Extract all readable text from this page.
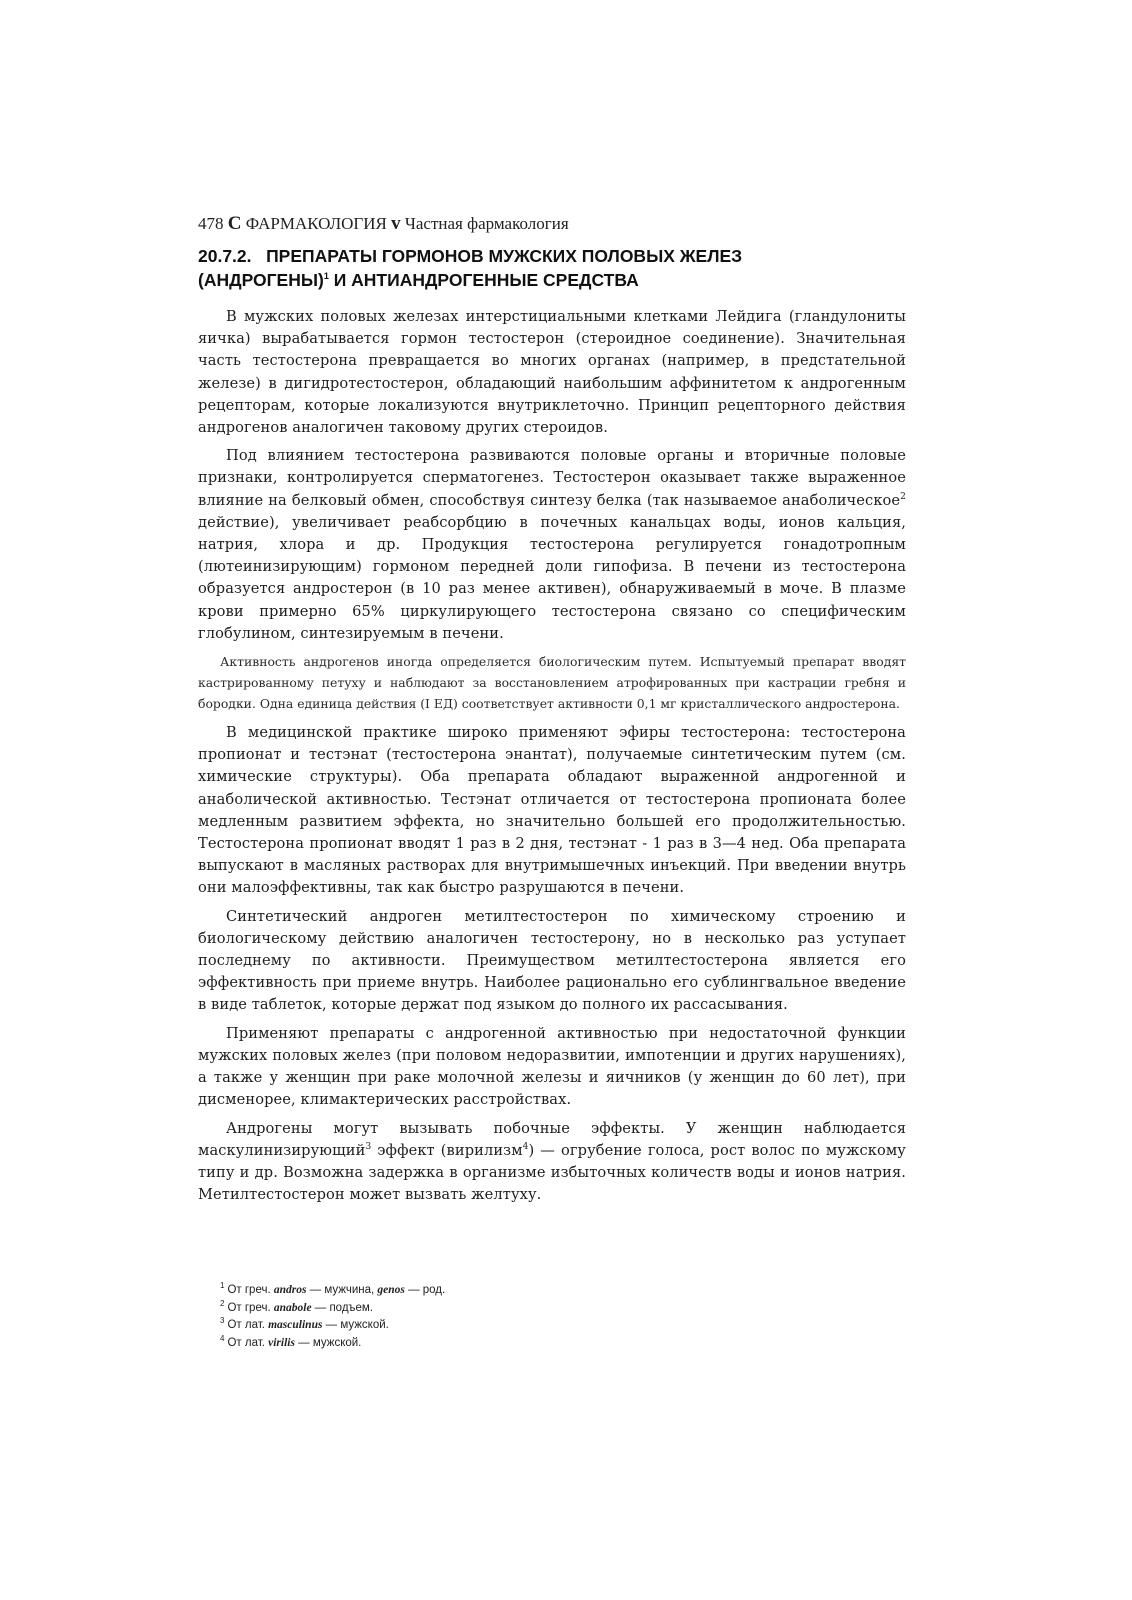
478 C ФАРМАКОЛОГИЯ v Частная фармакология
20.7.2.   ПРЕПАРАТЫ ГОРМОНОВ МУЖСКИХ ПОЛОВЫХ ЖЕЛЕЗ
(АНДРОГЕНЫ)$^1$ И АНТИАНДРОГЕННЫЕ СРЕДСТВА

В мужских половых железах интерстициальными клетками Лейдига (гландулониты яичка) вырабатывается гормон тестостерон (стероидное соединение). Значительная часть тестостерона превращается во многих органах (например, в предстательной железе) в дигидротестостерон, обладающий наибольшим аффинитетом к андрогенным рецепторам, которые локализуются внутриклеточно. Принцип рецепторного действия андрогенов аналогичен таковому других стероидов.

Под влиянием тестостерона развиваются половые органы и вторичные половые признаки, контролируется сперматогенез. Тестостерон оказывает также выраженное влияние на белковый обмен, способствуя синтезу белка (так называемое анаболическое$^2$ действие), увеличивает реабсорбцию в почечных канальцах воды, ионов кальция, натрия, хлора и др. Продукция тестостерона регулируется гонадотропным (лютеинизирующим) гормоном передней доли гипофиза. В печени из тестостерона образуется андростерон (в 10 раз менее активен), обнаруживаемый в моче. В плазме крови примерно 65% циркулирующего тестостерона связано со специфическим глобулином, синтезируемым в печени.

Активность андрогенов иногда определяется биологическим путем. Испытуемый препарат вводят кастрированному петуху и наблюдают за восстановлением атрофированных при кастрации гребня и бородки. Одна единица действия (I ЕД) соответствует активности 0,1 мг кристаллического андростерона.

В медицинской практике широко применяют эфиры тестостерона: тестостерона пропионат и тестэнат (тестостерона энантат), получаемые синтетическим путем (см. химические структуры). Оба препарата обладают выраженной андрогенной и анаболической активностью. Тестэнат отличается от тестостерона пропионата более медленным развитием эффекта, но значительно большей его продолжительностью. Тестостерона пропионат вводят 1 раз в 2 дня, тестэнат - 1 раз в 3—4 нед. Оба препарата выпускают в масляных растворах для внутримышечных инъекций. При введении внутрь они малоэффективны, так как быстро разрушаются в печени.

Синтетический андроген метилтестостерон по химическому строению и биологическому действию аналогичен тестостерону, но в несколько раз уступает последнему по активности. Преимуществом метилтестостерона является его эффективность при приеме внутрь. Наиболее рационально его сублингвальное введение в виде таблеток, которые держат под языком до полного их рассасывания.

Применяют препараты с андрогенной активностью при недостаточной функции мужских половых желез (при половом недоразвитии, импотенции и других нарушениях), а также у женщин при раке молочной железы и яичников (у женщин до 60 лет), при дисменорее, климактерических расстройствах.

Андрогены могут вызывать побочные эффекты. У женщин наблюдается маскулинизирующий$^3$ эффект (вирилизм$^4$) — огрубение голоса, рост волос по мужскому типу и др. Возможна задержка в организме избыточных количеств воды и ионов натрия. Метилтестостерон может вызвать желтуху.

$^1$ От греч. andros — мужчина, genos — род.
$^2$ От греч. anabole — подъем.
$^3$ От лат. masculinus — мужской.
$^4$ От лат. virilis — мужской.
